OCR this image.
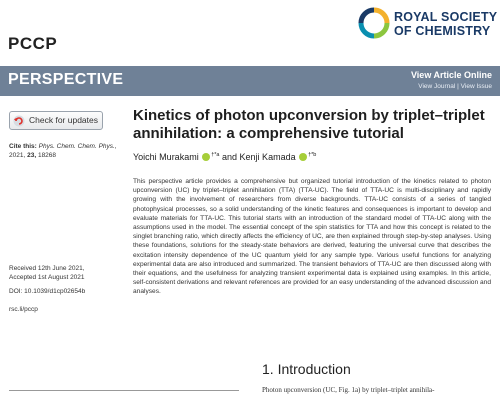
PCCP
ROYAL SOCIETY
OF CHEMISTRY
PERSPECTIVE	View Article Online
View Journal | View Issue
Check for updates
Cite this: Phys. Chem. Chem. Phys.,
2021, 23, 18268
Received 12th June 2021,
Accepted 1st August 2021
DOI: 10.1039/d1cp02654b
rsc.li/pccp
Kinetics of photon upconversion by triplet–triplet annihilation: a comprehensive tutorial
Yoichi Murakami $^{\dagger*a}$ and Kenji Kamada $^{\dagger*b}$
This perspective article provides a comprehensive but organized tutorial introduction of the kinetics related to photon upconversion (UC) by triplet–triplet annihilation (TTA) (TTA-UC). The field of TTA-UC is multi-disciplinary and rapidly growing with the involvement of researchers from diverse backgrounds. TTA-UC consists of a series of tangled photophysical processes, so a solid understanding of the kinetic features and consequences is important to develop and evaluate materials for TTA-UC. This tutorial starts with an introduction of the standard model of TTA-UC along with the assumptions used in the model. The essential concept of the spin statistics for TTA and how this concept is related to the singlet branching ratio, which directly affects the efficiency of UC, are then explained through step-by-step analyses. Using these foundations, solutions for the steady-state behaviors are derived, featuring the universal curve that describes the excitation intensity dependence of the UC quantum yield for any sample type. Various useful functions for analyzing experimental data are also introduced and summarized. The transient behaviors of TTA-UC are then discussed along with their equations, and the usefulness for analyzing transient experimental data is explained using examples. In this article, self-consistent derivations and relevant references are provided for an easy understanding of the advanced discussion and analyses.
1. Introduction
Photon upconversion (UC, Fig. 1a) by triplet–triplet annihila-
